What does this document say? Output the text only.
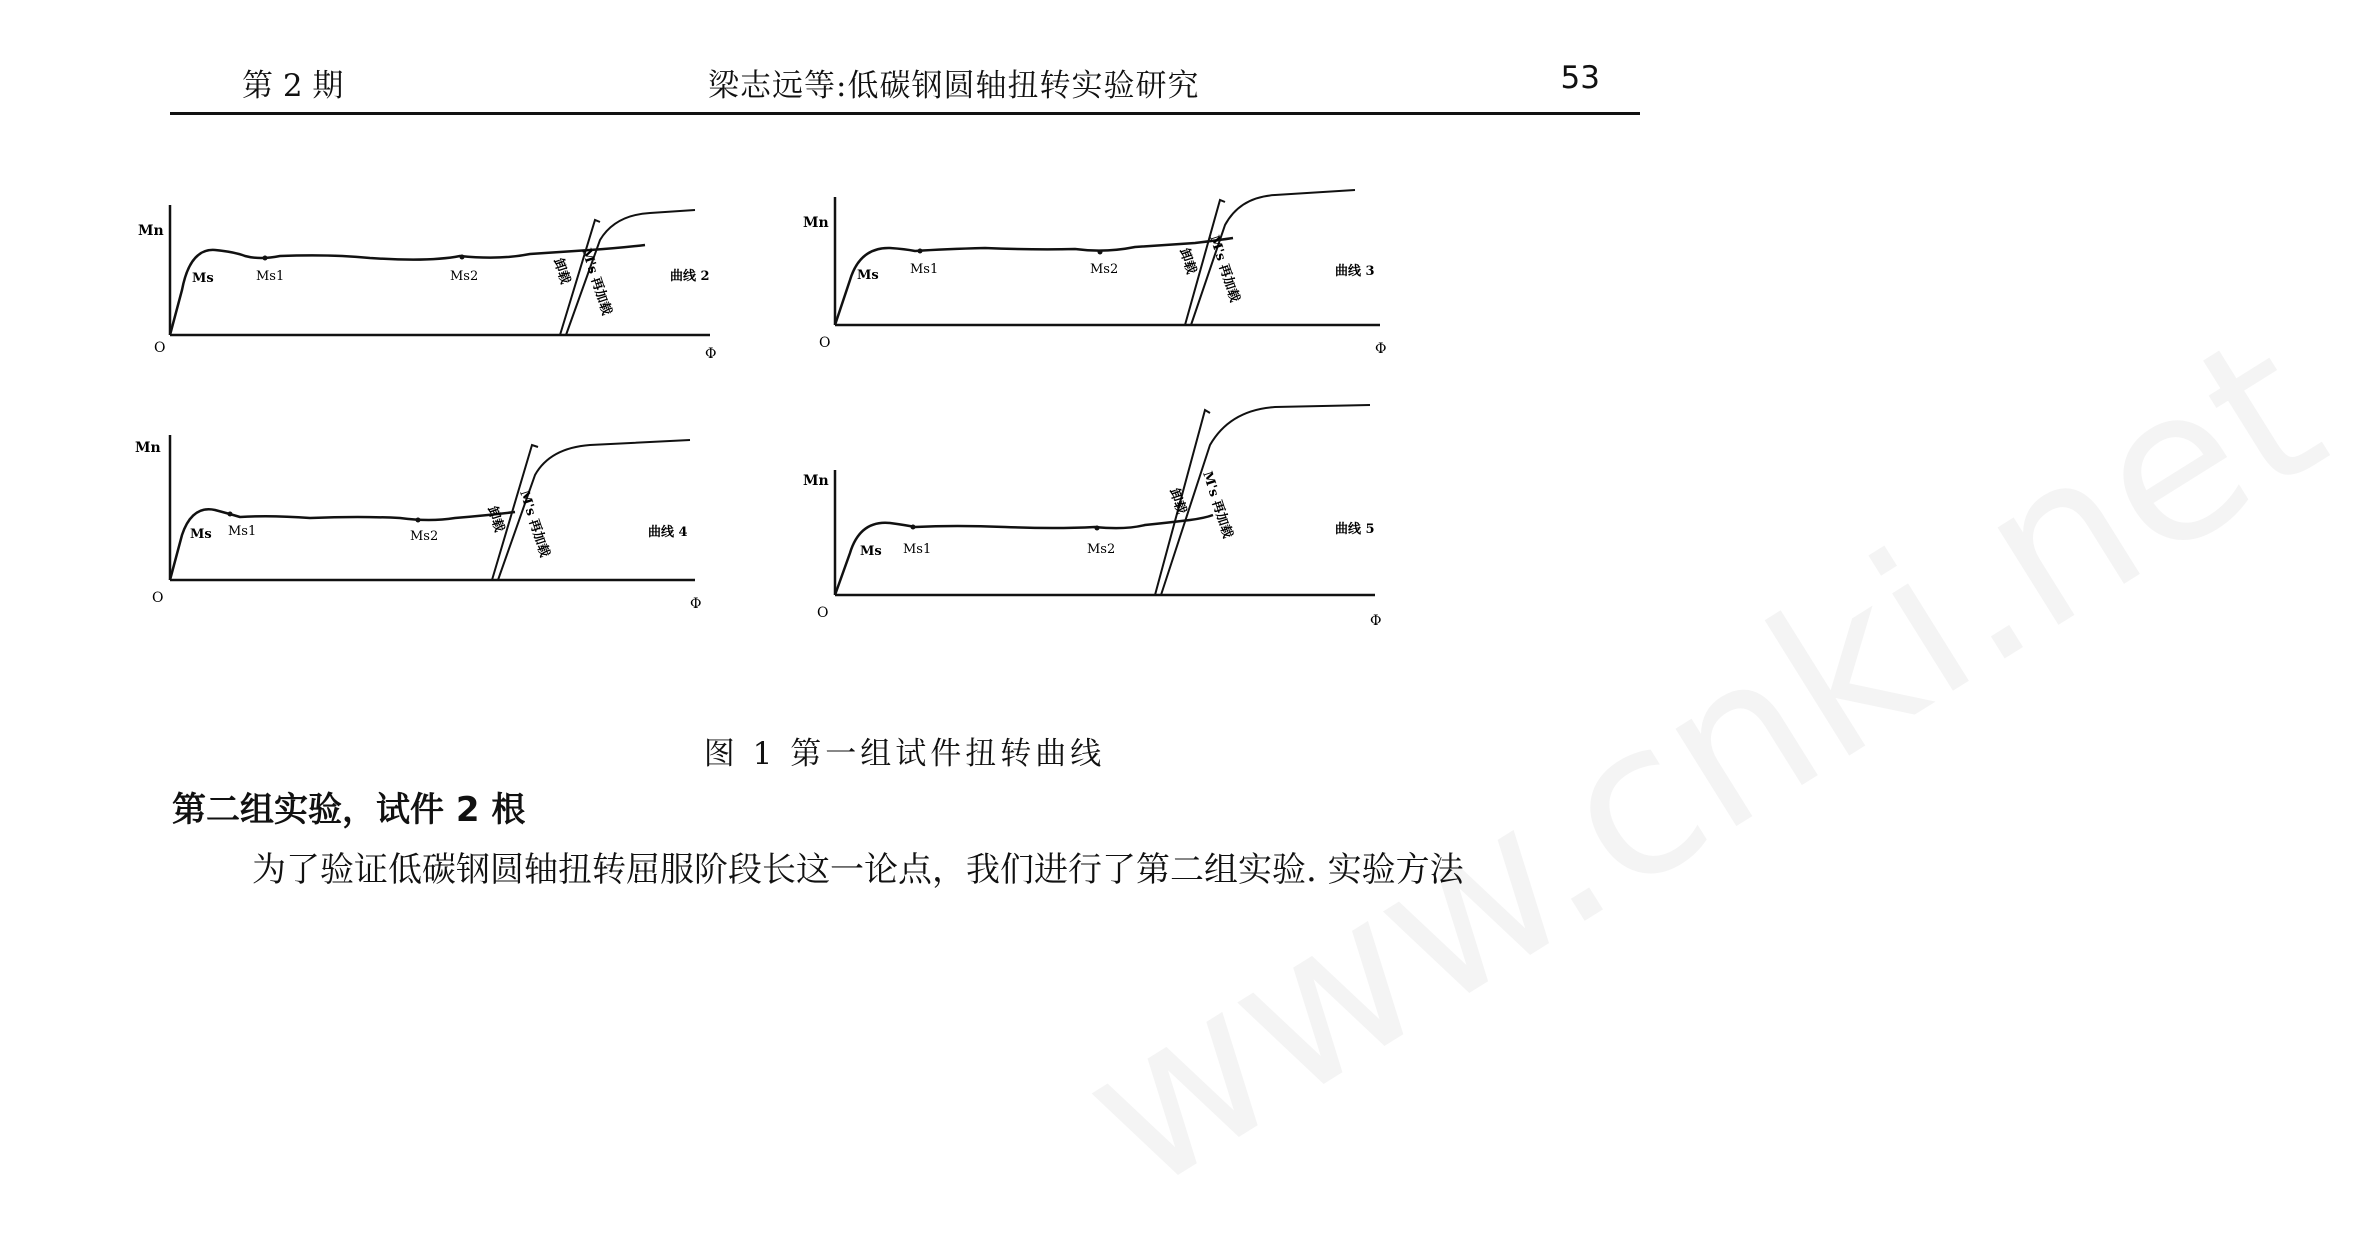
第 2 期	梁志远等:低碳钢圆轴扭转实验研究	53
Mn
O	Φ
Ms	Ms1	Ms2	卸载 M's 再加载	曲线 2
Mn
O	Φ
Ms Ms1	Ms2	卸载 M's 再加载	曲线 3
Mn
O	Φ
Ms Ms1	Ms2
卸载 M's 再加载	曲线 4
Mn
O	Φ
Ms Ms1	Ms2
卸载 M's 再加载	曲线 5
图 1 第一组试件扭转曲线
第二组实验，试件 2 根
为了验证低碳钢圆轴扭转屈服阶段长这一论点，我们进行了第二组实验. 实验方法
